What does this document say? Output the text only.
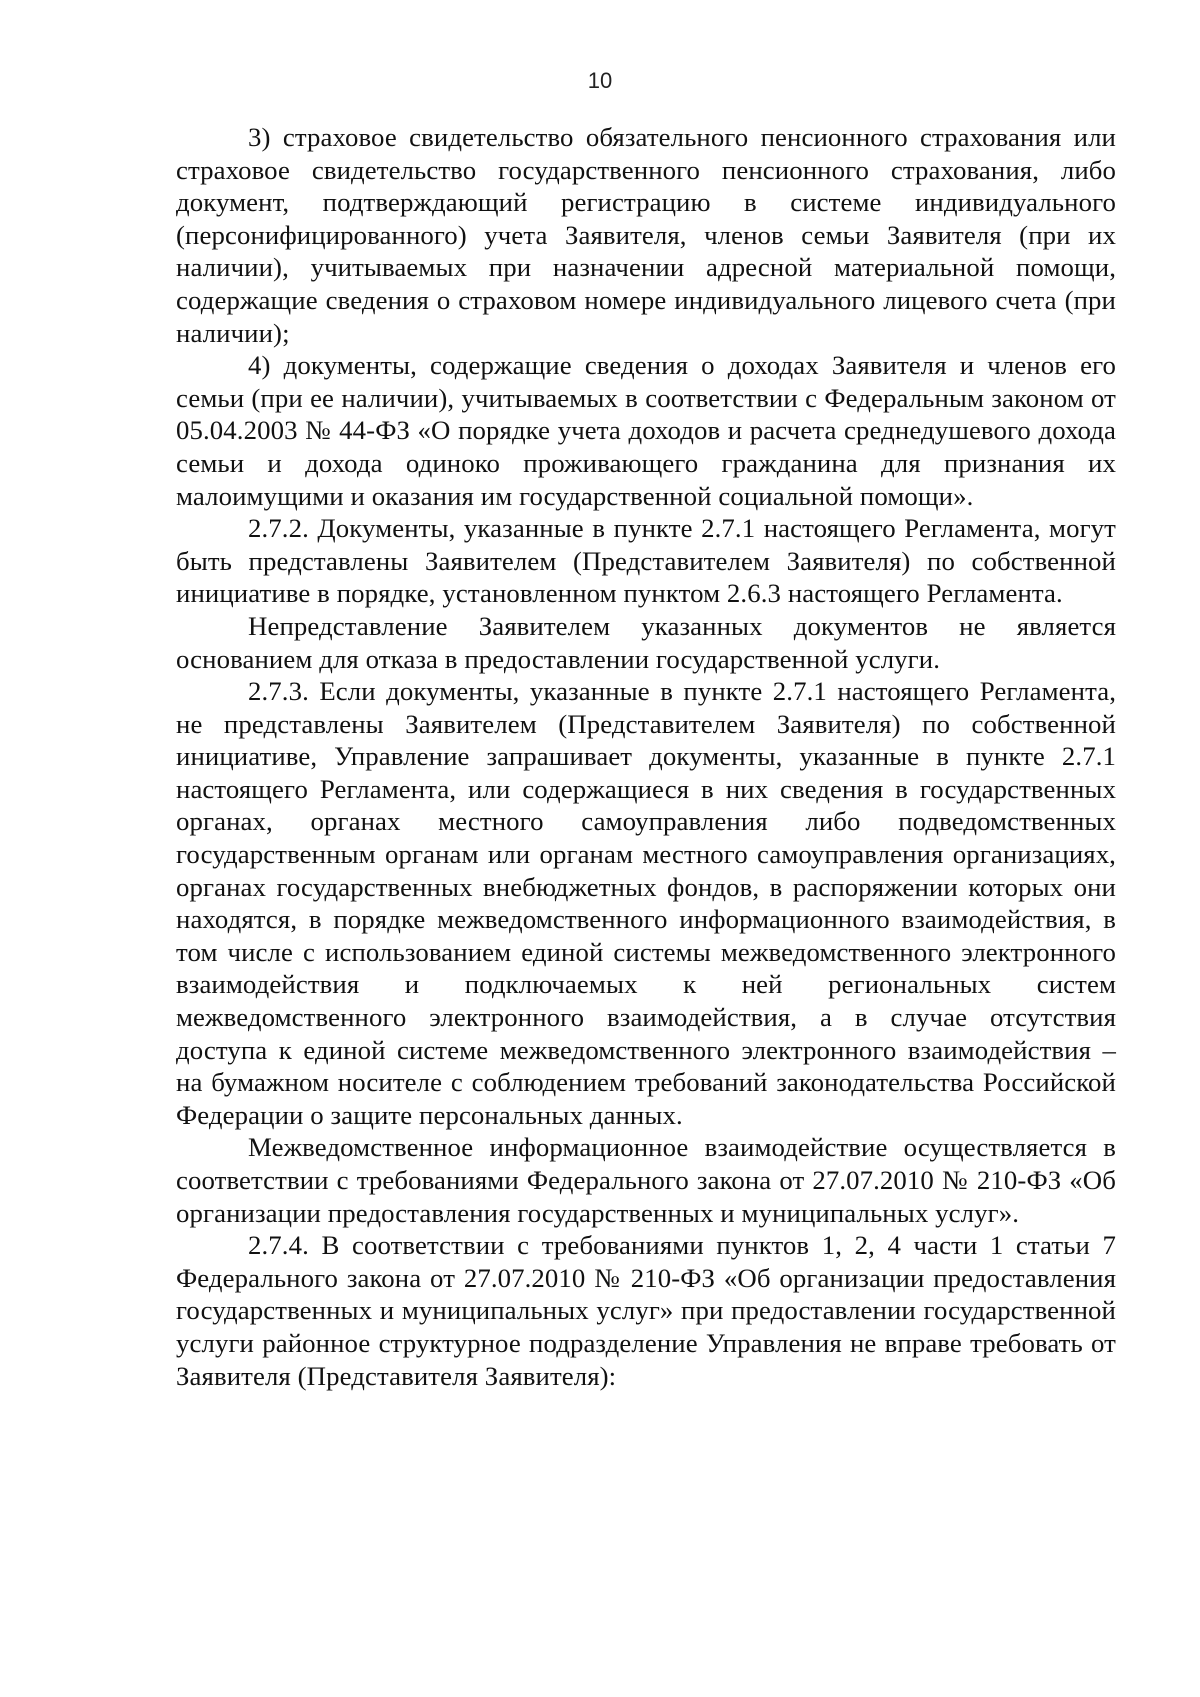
10

3) страховое свидетельство обязательного пенсионного страхования или страховое свидетельство государственного пенсионного страхования, либо документ, подтверждающий регистрацию в системе индивидуального (персонифицированного) учета Заявителя, членов семьи Заявителя (при их наличии), учитываемых при назначении адресной материальной помощи, содержащие сведения о страховом номере индивидуального лицевого счета (при наличии);

4) документы, содержащие сведения о доходах Заявителя и членов его семьи (при ее наличии), учитываемых в соответствии с Федеральным законом от 05.04.2003 № 44-ФЗ «О порядке учета доходов и расчета среднедушевого дохода семьи и дохода одиноко проживающего гражданина для признания их малоимущими и оказания им государственной социальной помощи».

2.7.2. Документы, указанные в пункте 2.7.1 настоящего Регламента, могут быть представлены Заявителем (Представителем Заявителя) по собственной инициативе в порядке, установленном пунктом 2.6.3 настоящего Регламента.

Непредставление Заявителем указанных документов не является основанием для отказа в предоставлении государственной услуги.

2.7.3. Если документы, указанные в пункте 2.7.1 настоящего Регламента, не представлены Заявителем (Представителем Заявителя) по собственной инициативе, Управление запрашивает документы, указанные в пункте 2.7.1 настоящего Регламента, или содержащиеся в них сведения в государственных органах, органах местного самоуправления либо подведомственных государственным органам или органам местного самоуправления организациях, органах государственных внебюджетных фондов, в распоряжении которых они находятся, в порядке межведомственного информационного взаимодействия, в том числе с использованием единой системы межведомственного электронного взаимодействия и подключаемых к ней региональных систем межведомственного электронного взаимодействия, а в случае отсутствия доступа к единой системе межведомственного электронного взаимодействия – на бумажном носителе с соблюдением требований законодательства Российской Федерации о защите персональных данных.

Межведомственное информационное взаимодействие осуществляется в соответствии с требованиями Федерального закона от 27.07.2010 № 210-ФЗ «Об организации предоставления государственных и муниципальных услуг».

2.7.4. В соответствии с требованиями пунктов 1, 2, 4 части 1 статьи 7 Федерального закона от 27.07.2010 № 210-ФЗ «Об организации предоставления государственных и муниципальных услуг» при предоставлении государственной услуги районное структурное подразделение Управления не вправе требовать от Заявителя (Представителя Заявителя):
